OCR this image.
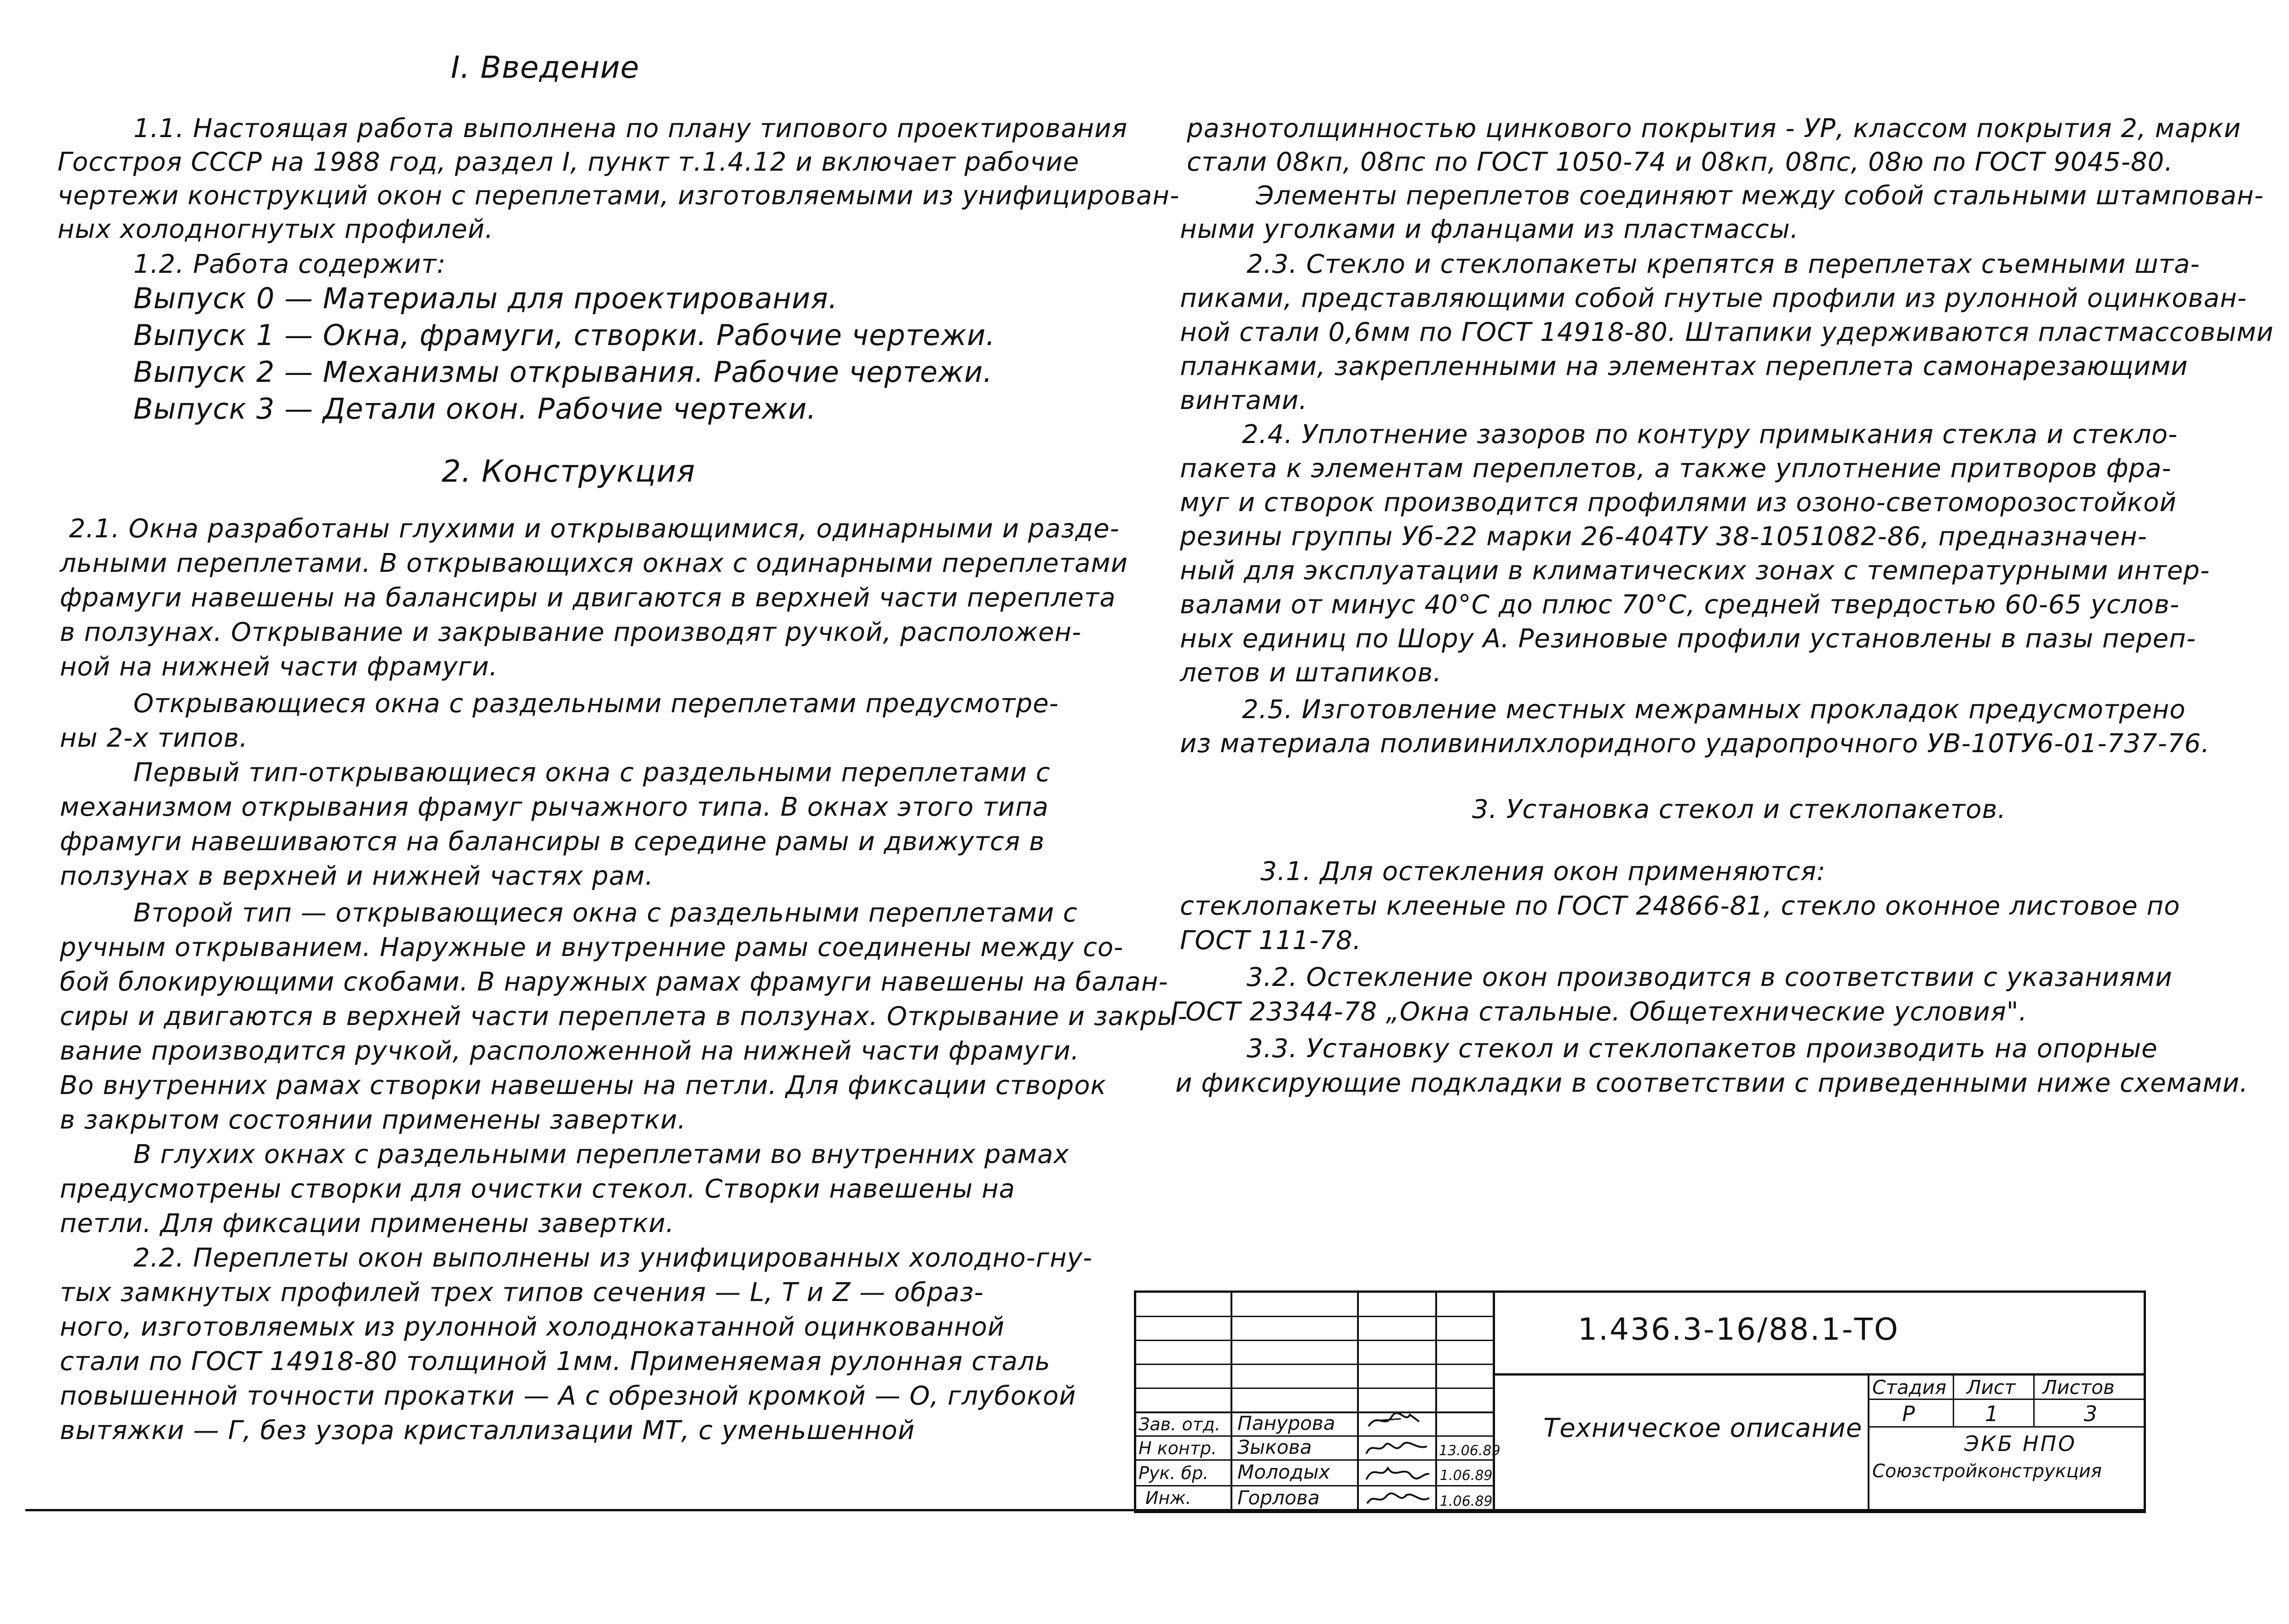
I. Введение
1.1. Настоящая работа выполнена по плану типового проектирования
Госстроя СССР на 1988 год, раздел I, пункт т.1.4.12 и включает рабочие
чертежи конструкций окон с переплетами, изготовляемыми из унифицирован-
ных холодногнутых профилей.
1.2. Работа содержит:
Выпуск 0 — Материалы для проектирования.
Выпуск 1 — Окна, фрамуги, створки. Рабочие чертежи.
Выпуск 2 — Механизмы открывания. Рабочие чертежи.
Выпуск 3 — Детали окон. Рабочие чертежи.
2. Конструкция
2.1. Окна разработаны глухими и открывающимися, одинарными и разде-
льными переплетами. В открывающихся окнах с одинарными переплетами
фрамуги навешены на балансиры и двигаются в верхней части переплета
в ползунах. Открывание и закрывание производят ручкой, расположен-
ной на нижней части фрамуги.
Открывающиеся окна с раздельными переплетами предусмотре-
ны 2-х типов.
Первый тип-открывающиеся окна с раздельными переплетами с
механизмом открывания фрамуг рычажного типа. В окнах этого типа
фрамуги навешиваются на балансиры в середине рамы и движутся в
ползунах в верхней и нижней частях рам.
Второй тип — открывающиеся окна с раздельными переплетами с
ручным открыванием. Наружные и внутренние рамы соединены между со-
бой блокирующими скобами. В наружных рамах фрамуги навешены на балан-
сиры и двигаются в верхней части переплета в ползунах. Открывание и закры-
вание производится ручкой, расположенной на нижней части фрамуги.
Во внутренних рамах створки навешены на петли. Для фиксации створок
в закрытом состоянии применены завертки.
В глухих окнах с раздельными переплетами во внутренних рамах
предусмотрены створки для очистки стекол. Створки навешены на
петли. Для фиксации применены завертки.
2.2. Переплеты окон выполнены из унифицированных холодно-гну-
тых замкнутых профилей трех типов сечения — L, T и Z — образ-
ного, изготовляемых из рулонной холоднокатанной оцинкованной
стали по ГОСТ 14918-80 толщиной 1мм. Применяемая рулонная сталь
повышенной точности прокатки — А с обрезной кромкой — О, глубокой
вытяжки — Г, без узора кристаллизации МТ, с уменьшенной
разнотолщинностью цинкового покрытия - УР, классом покрытия 2, марки
стали 08кп, 08пс по ГОСТ 1050-74 и 08кп, 08пс, 08ю по ГОСТ 9045-80.
Элементы переплетов соединяют между собой стальными штампован-
ными уголками и фланцами из пластмассы.
2.3. Стекло и стеклопакеты крепятся в переплетах съемными шта-
пиками, представляющими собой гнутые профили из рулонной оцинкован-
ной стали 0,6мм по ГОСТ 14918-80. Штапики удерживаются пластмассовыми
планками, закрепленными на элементах переплета самонарезающими
винтами.
2.4. Уплотнение зазоров по контуру примыкания стекла и стекло-
пакета к элементам переплетов, а также уплотнение притворов фра-
муг и створок производится профилями из озоно-светоморозостойкой
резины группы Уб-22 марки 26-404ТУ 38-1051082-86, предназначен-
ный для эксплуатации в климатических зонах с температурными интер-
валами от минус 40°С до плюс 70°С, средней твердостью 60-65 услов-
ных единиц по Шору А. Резиновые профили установлены в пазы переп-
летов и штапиков.
2.5. Изготовление местных межрамных прокладок предусмотрено
из материала поливинилхлоридного ударопрочного УВ-10ТУ6-01-737-76.
3. Установка стекол и стеклопакетов.
3.1. Для остекления окон применяются:
стеклопакеты клееные по ГОСТ 24866-81, стекло оконное листовое по
ГОСТ 111-78.
3.2. Остекление окон производится в соответствии с указаниями
ГОСТ 23344-78 „Окна стальные. Общетехнические условия".
3.3. Установку стекол и стеклопакетов производить на опорные
и фиксирующие подкладки в соответствии с приведенными ниже схемами.
1.436.3-16/88.1-ТО
Техническое описание
Стадия Лист Листов
Р	1	3
ЭКБ НПО
Союзстройконструкция
Зав. отд. Панурова
Н контр. Зыкова	13.06.89
Рук. бр. Молодых	1.06.89
Инж. Горлова	1.06.89
